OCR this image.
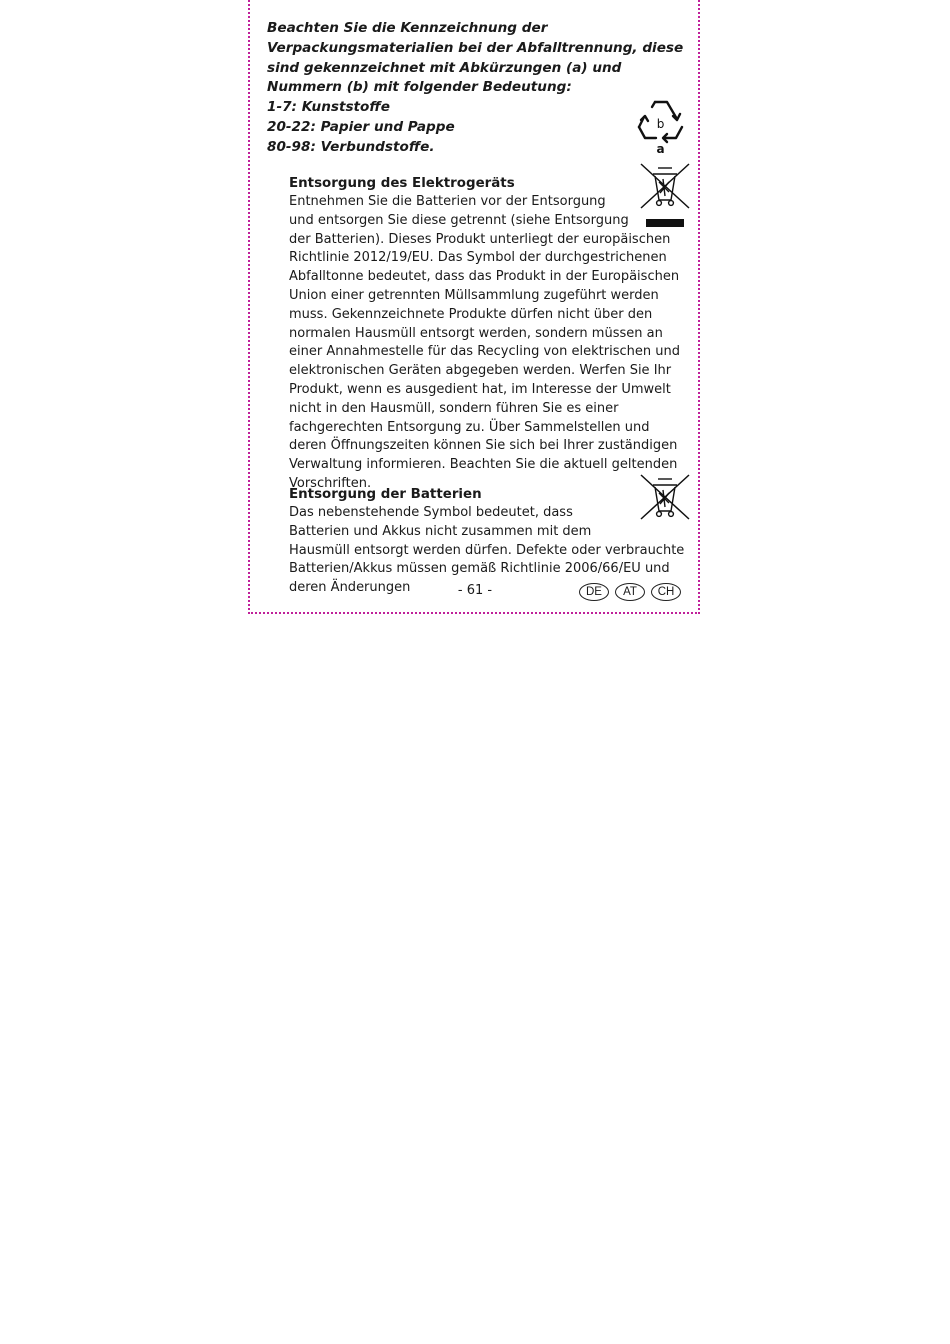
Beachten Sie die Kennzeichnung der

Verpackungsmaterialien bei der Abfalltrennung, diese

sind gekennzeichnet mit Abkürzungen (a) und

Nummern (b) mit folgender Bedeutung:

1-7: Kunststoffe

20-22: Papier und Pappe

80-98: Verbundstoffe.

b
a
Entsorgung des Elektrogeräts

Entnehmen Sie die Batterien vor der Entsorgung und entsorgen Sie diese getrennt (siehe Entsorgung der Batterien). Dieses Produkt unterliegt der europäischen Richtlinie 2012/19/EU. Das Symbol der durchgestrichenen Abfalltonne bedeutet, dass das Produkt in der Europäischen Union einer getrennten Müllsammlung zugeführt werden muss. Gekennzeichnete Produkte dürfen nicht über den normalen Hausmüll entsorgt werden, sondern müssen an einer Annahmestelle für das Recycling von elektrischen und elektronischen Geräten abgegeben werden. Werfen Sie Ihr Produkt, wenn es ausgedient hat, im Interesse der Umwelt nicht in den Hausmüll, sondern führen Sie es einer fachgerechten Entsorgung zu. Über Sammelstellen und deren Öffnungszeiten können Sie sich bei Ihrer zuständigen Verwaltung informieren. Beachten Sie die aktuell geltenden Vorschriften.

Entsorgung der Batterien

Das nebenstehende Symbol bedeutet, dass Batterien und Akkus nicht zusammen mit dem Hausmüll entsorgt werden dürfen. Defekte oder verbrauchte Batterien/Akkus müssen gemäß Richtlinie 2006/66/EU und deren Änderungen	- 61 -	DE AT CH
